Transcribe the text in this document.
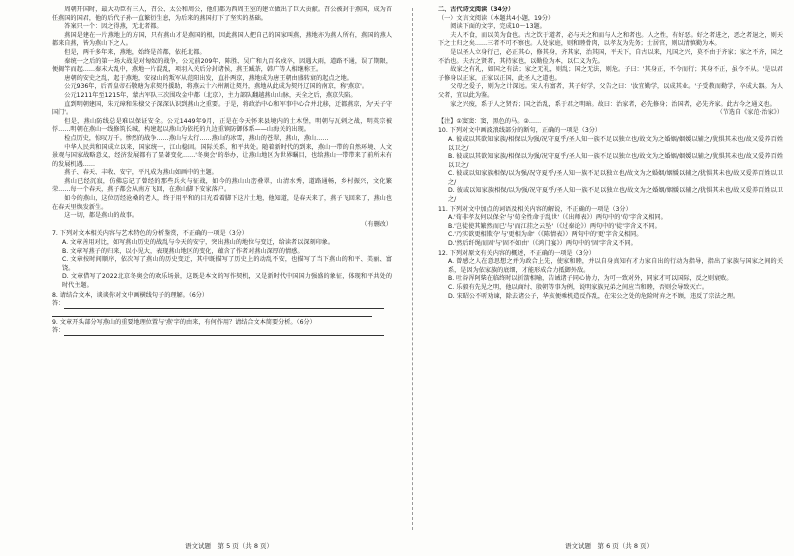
周朝开国时，最大功臣有三人，召公、太公和周公，他们都为西周王室的建立做出了巨大贡献。召公被封于燕国，成为首任燕国的国君，他的后代子孙一直繁衍生息，为后来的燕国打下了坚实的基础。

答案只一个：因之得燕，无北者都。

燕国是建在一片燕地上的方国，只有燕山才是燕国的根，因此燕国人把自己的国家叫燕，燕地亦为燕人所有，燕国的燕人都来自燕，皆为燕山下之人。

但是，两千多年来，燕地，始终是首都，依托北都。

秦统一之后的第一场大战是对匈奴的战争，公元前209年，陈胜、吴广和九百名戍卒，因遇大雨，道路不通，误了期限，便揭竿而起……秦末大乱中，燕地一片混乱，项羽入关后分封诸侯，燕王臧荼，韩广等人相继称王。

唐朝的安史之乱，起于燕地，安禄山的叛军从范阳出发，直扑两京，燕地成为唐王朝由盛转衰的起点之地。

公元936年，后晋皇帝石敬瑭为求契丹援助，将燕云十六州割让契丹，燕地从此成为契丹辽国的南京，称'燕京'。

公元1211年至1215年，蒙古军队三次围攻金中都（北京），主力部队翻越燕山山脉，天全之后，燕京失陷。

直到明朝建国，朱元璋和朱棣父子深深认识到燕山之重要。于是，将政治中心和军事中心合并北移，迁都燕京，为'天子守国门'。

但是，燕山防线总是难以保证安全。公元1449年9月，正是在今天怀来县境内的土木堡，明朝与瓦剌之战，明英宗被俘……明朝在燕山一线修筑长城，构建起以燕山为依托的九边重镇防御体系——山海关的出现。

检点历史，惊叹万千。惨烈的战争……燕山与太行……燕山的冰雪，燕山的苍翠，燕山，燕山……

中华人民共和国成立以来，国家统一，江山稳固。国际关系，和平共处。随着新时代的到来，燕山一带的自然环境、人文景观与国家战略意义，经济发展都有了显著变化……'冬奥会'的举办，让燕山地区为世界瞩目，也给燕山一带带来了前所未有的发展机遇……

燕子、春天、丰收、安宁，平凡成为燕山如画中的主题。

燕山已经沉寂，仿佛忘记了曾经的那些兵火与征战，如今的燕山山峦叠翠，山清水秀，道路通畅，乡村振兴，文化繁荣……每一个春天，燕子都会从南方飞回，在燕山脚下安家落户。

如今的燕山，这位历经沧桑的老人，终于用平和的目光看着脚下这片土地，他知道，是春天来了，燕子飞回来了，燕山也在春天里焕发新生。

这一切，都是燕山的故事。

（有删改）

7. 下列对文本相关内容与艺术特色的分析鉴赏，不正确的一项是（3分）

A. 文章善用对比，如写燕山历史的战乱与今天的安宁，突出燕山的地位与变迁，给读者以深刻印象。

B. 文章写燕子的归来，以小见大，表现燕山地区的变化，蕴含了作者对燕山深厚的情感。

C. 文章按时间顺序，依次写了燕山的历史变迁，其中既描写了历史上的动乱不安，也描写了当下燕山的和平、美丽、富饶。

D. 文章借写了2022北京冬奥会的欢乐场景，这既是本文的写作契机，又是新时代中国国力强盛的象征，体现和平共处的时代主题。

8. 请结合文本，谈谈你对文中画横线句子的理解。（6分）

答：

9. 文章开头部分写燕山的重要地理位置与'燕'字的由来，有何作用？请结合文本简要分析。（6分）

答：

二、古代诗文阅读（34分）

（一）文言文阅读（本题共4小题，19分）

阅读下面的文字，完成10～13题。

夫人不食，而以美为食也。古之饮于道者，必与天之和而与人之和者也。人之性，有好恶。好之者进之，恶之者退之，则天下之士归之矣……三者不可不察也。人处家庭，则和睦骨肉，以孝友为先务；士居官，则以清慎勤为本。

是以圣人立身行己，必正其心，修其身，齐其家，治其国，平天下，自古以来，凡国之兴，莫不由于齐家；家之不齐，国之不治也。夫古之贤者，其持家也，以勤俭为本，以仁义为先。

故家之有礼，如国之有法；家之无礼，则乱；国之无法，则危。子曰：'其身正，不令而行；其身不正，虽令不从。'是以君子修身以正家，正家以正国，此圣人之道也。

父母之爱子，则为之计深远。宋人有富者，其子好学，父告之曰：'汝宜勤学，以成其业。'子受教而勤学，卒成大器。为人父者，宜以此为鉴。

家之兴废，系于人之贤否；国之治乱，系于君之明暗。故曰：治家者，必先修身；治国者，必先齐家。此古今之通义也。

（节选自《家范·治家》）

【注】①窦窦：窦，黑色的马。②……

10. 下列对文中画波浪线部分的断句，正确的一项是（3分）

A. 彼或以其欲知家族/相保以为强/况守夏乎/圣人知一族不足以独立也/故文为之婚姻/姻媛以辅之/犹惧其未也/故又爱养百姓以卫之/

B. 彼或以其欲知家族/相保以为强/况守夏乎/圣人知一族不足以独立也/故文为之婚姻/姻媛以辅之/犹惧其未也/故又爱养百姓以卫之/

C. 彼或以知家族相保/以为强/况守夏乎/圣人知一族不足以独立也/故文为之婚姻/姻媛以辅之/犹惧其未也/故又爱养百姓以卫之/

D. 彼或以知家族相保/以为强/况守夏乎/圣人知一族不足以独立也/故文为之婚姻/姻媛以辅之/犹惧其未也/故又爱养百姓以卫之/

11. 下列对文中加点的词语及相关内容的解说，不正确的一项是（3分）

A.'荀非孝友何以保全'与'荀全性命于乱世'（《出师表》）两句中的'荀'字含义相同。

B.'岂徒使其繁然而已'与'而江挂之云坠'（《过秦论》）两句中的'徒'字含义不同。

C.'乃实欲更相欺夺'与'更相为命'（《陈情表》）两句中的'更'字含义相同。

D.'然后纤绳而固'与'固不如由'（《鸿门宴》）两句中的'固'字含义不同。

12. 下列对原文有关内容的概述，不正确的一项是（3分）

A. 曾感之人在意思想之并为政合上先，使家和睦，并以自身真知有才力家自出的行动为指导，指出了家族与国家之间的关系，是因为依家族的底细，才能形成合力抵御外敌。

B. 吐谷浑阿柴在临终时以折箭相喻，告诫诸子同心协力，为可一致对外，同家才可以国际，反之则衰败。

C. 乐毅有先见之明，他以商纣、殷朝等事为例，说明家族兄弟之间应当和睦，否则会导致灭亡。

D. 宋昭公不听劝谏，除去诸公子，华亥便乘机造反作乱，在宋公之处的危险时弃之不顾，违反了宗法之理。

语文试题　第 5 页（共 8 页）	语文试题　第 6 页（共 8 页）
